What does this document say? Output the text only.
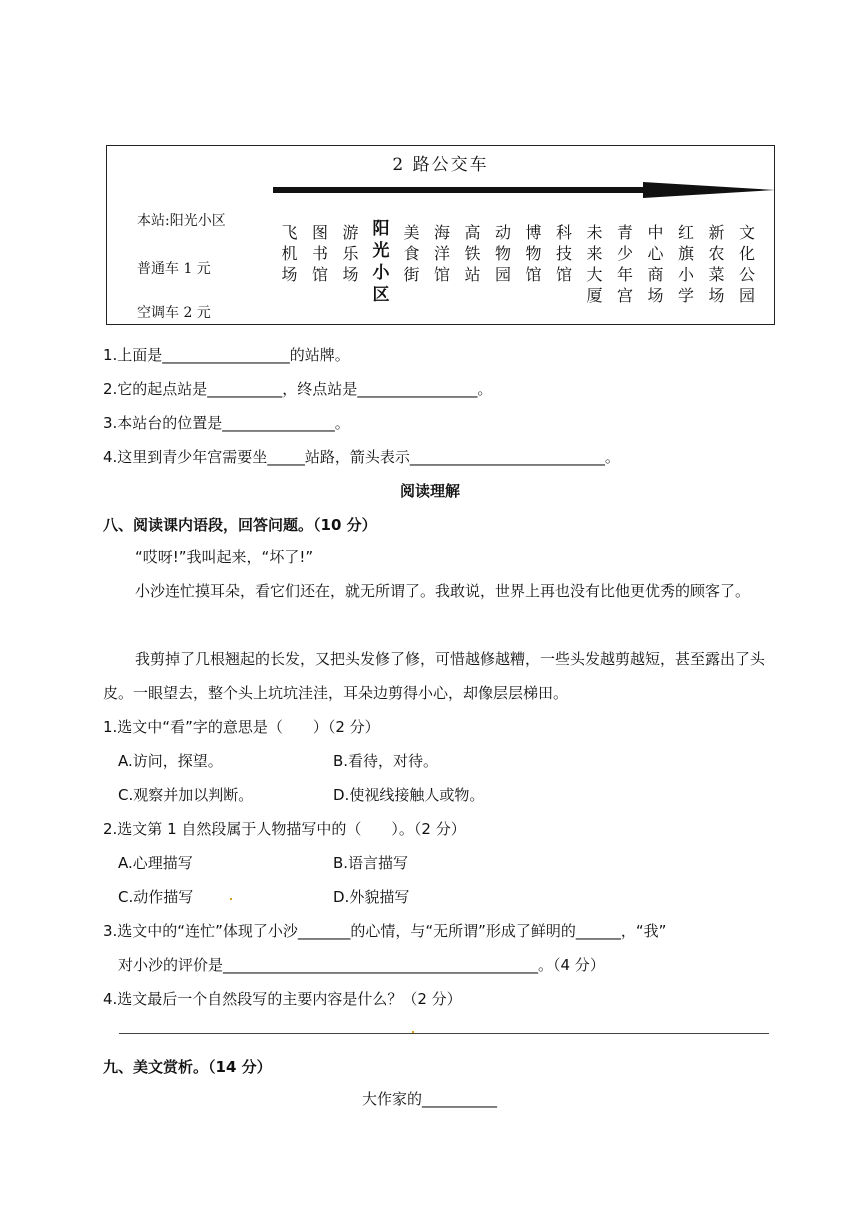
2 路公交车
本站:阳光小区
普通车 1 元
空调车 2 元
飞
机
场
图
书
馆
游
乐
场
阳
光
小
区
美
食
街
海
洋
馆
高
铁
站
动
物
园
博
物
馆
科
技
馆
未
来
大
厦
青
少
年
宫
中
心
商
场
红
旗
小
学
新
农
菜
场
文
化
公
园
1.上面是_________________的站牌。
2.它的起点站是__________，终点站是________________。
3.本站台的位置是_______________。
4.这里到青少年宫需要坐_____站路，箭头表示__________________________。
阅读理解
八、阅读课内语段，回答问题。（10 分）
“哎呀!”我叫起来，“坏了!”
小沙连忙摸耳朵，看它们还在，就无所谓了。我敢说，世界上再也没有比他更优秀的顾客了。
我剪掉了几根翘起的长发，又把头发修了修，可惜越修越糟，一些头发越剪越短，甚至露出了头皮。一眼望去，整个头上坑坑洼洼，耳朵边剪得小心，却像层层梯田。
1.选文中“看”字的意思是（　　）（2 分）
A.访问，探望。	B.看待，对待。
C.观察并加以判断。	D.使视线接触人或物。
2.选文第 1 自然段属于人物描写中的（　　）。（2 分）
A.心理描写	B.语言描写
C.动作描写	D.外貌描写
3.选文中的“连忙”体现了小沙_______的心情，与“无所谓”形成了鲜明的______，“我”
对小沙的评价是__________________________________________。（4 分）
4.选文最后一个自然段写的主要内容是什么？（2 分）
九、美文赏析。（14 分）
大作家的__________
